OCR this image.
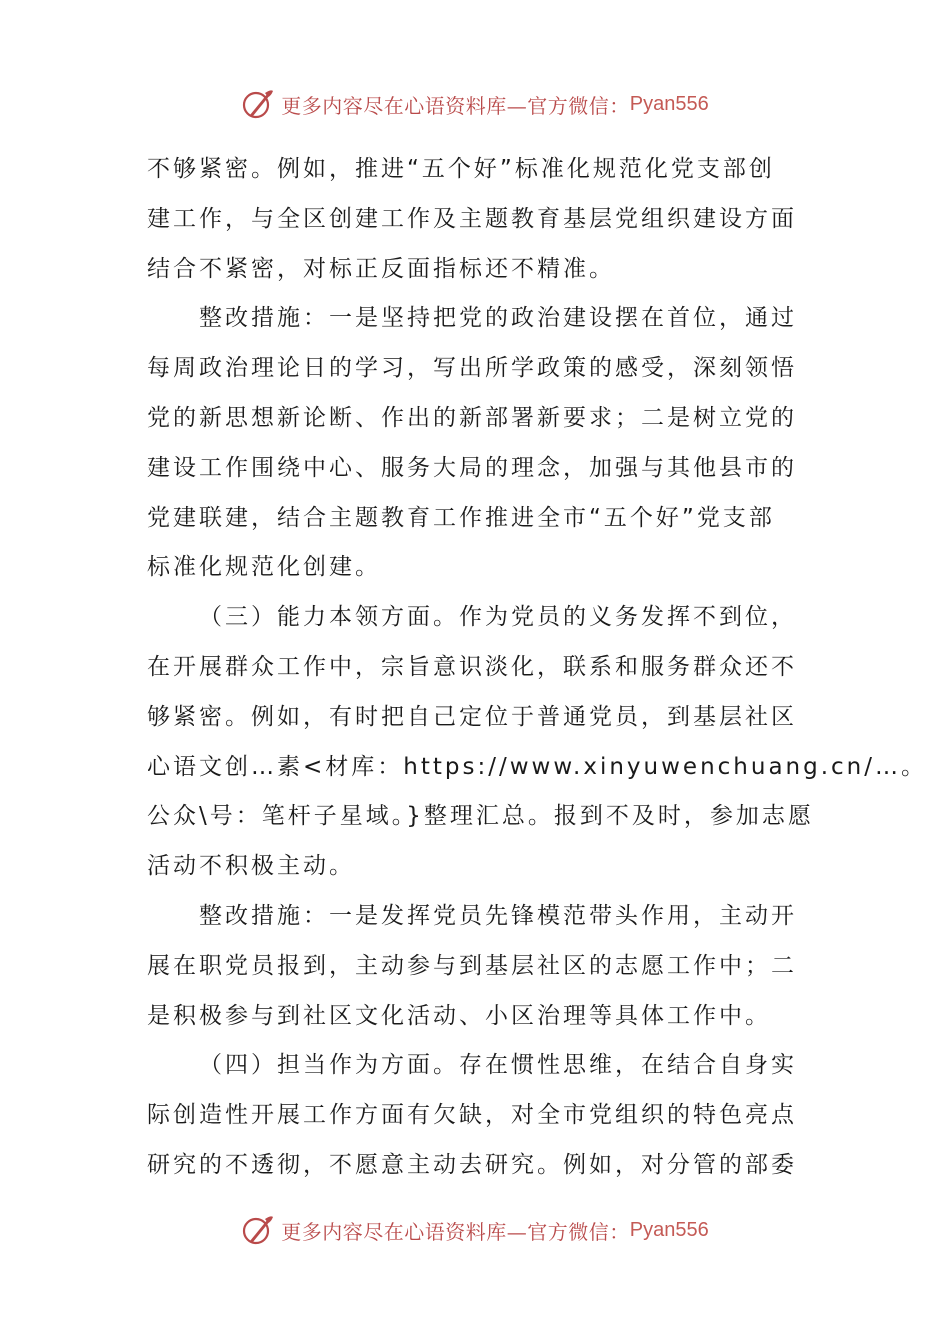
更多内容尽在心语资料库—官方微信： Pyan556

不够紧密。例如，推进“五个好”标准化规范化党支部创
建工作，与全区创建工作及主题教育基层党组织建设方面
结合不紧密，对标正反面指标还不精准。

整改措施：一是坚持把党的政治建设摆在首位，通过
每周政治理论日的学习，写出所学政策的感受，深刻领悟
党的新思想新论断、作出的新部署新要求；二是树立党的
建设工作围绕中心、服务大局的理念，加强与其他县市的
党建联建，结合主题教育工作推进全市“五个好”党支部
标准化规范化创建。

（三）能力本领方面。作为党员的义务发挥不到位，
在开展群众工作中，宗旨意识淡化，联系和服务群众还不
够紧密。例如，有时把自己定位于普通党员，到基层社区
心语文创…素<材库：https://www.xinyuwenchuang.cn/…。
公众\号：笔杆子星域。}整理汇总。报到不及时，参加志愿
活动不积极主动。

整改措施：一是发挥党员先锋模范带头作用，主动开
展在职党员报到，主动参与到基层社区的志愿工作中；二
是积极参与到社区文化活动、小区治理等具体工作中。

（四）担当作为方面。存在惯性思维，在结合自身实
际创造性开展工作方面有欠缺，对全市党组织的特色亮点
研究的不透彻，不愿意主动去研究。例如，对分管的部委

更多内容尽在心语资料库—官方微信： Pyan556
